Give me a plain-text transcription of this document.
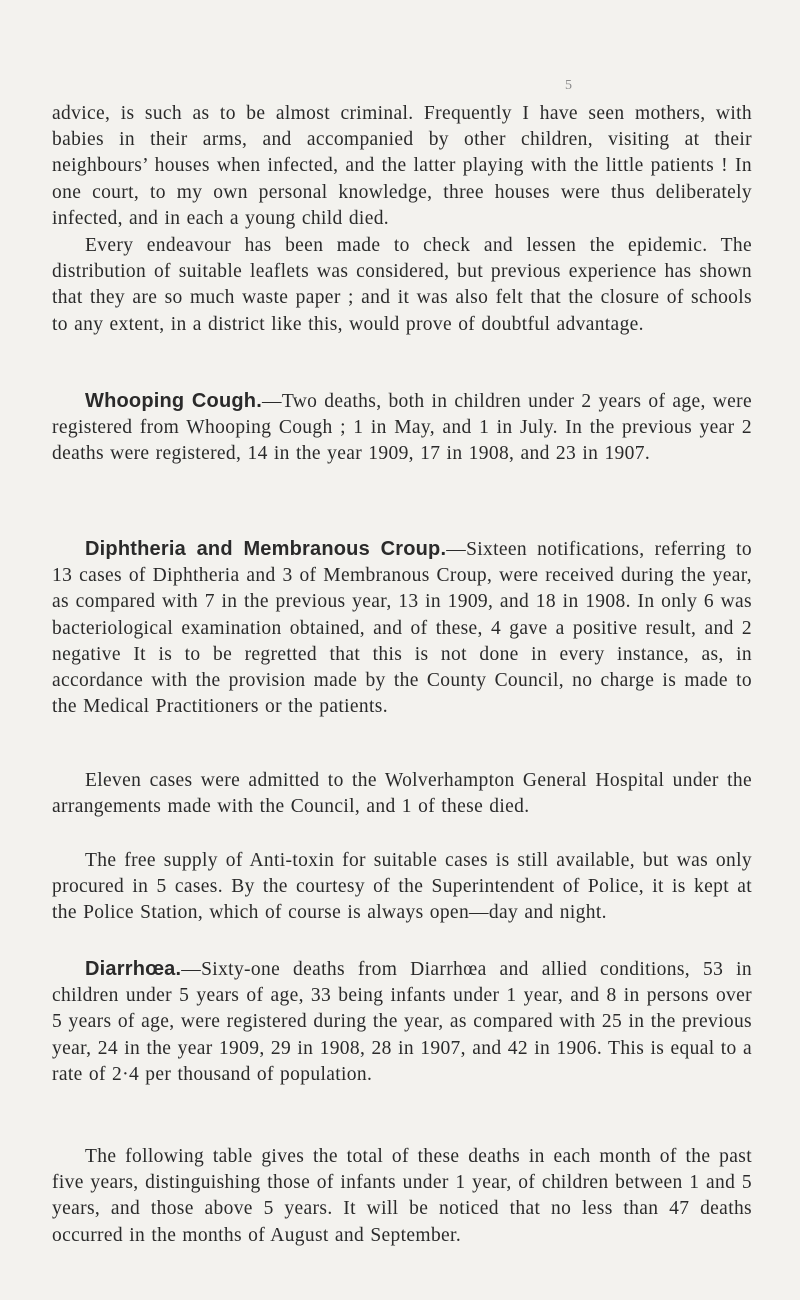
5

advice, is such as to be almost criminal. Frequently I have seen mothers, with babies in their arms, and accompanied by other children, visiting at their neighbours’ houses when infected, and the latter playing with the little patients ! In one court, to my own personal knowledge, three houses were thus deliberately infected, and in each a young child died.

Every endeavour has been made to check and lessen the epidemic. The distribution of suitable leaflets was considered, but previous experience has shown that they are so much waste paper ; and it was also felt that the closure of schools to any extent, in a district like this, would prove of doubtful advantage.

Whooping Cough.—Two deaths, both in children under 2 years of age, were registered from Whooping Cough ; 1 in May, and 1 in July. In the previous year 2 deaths were registered, 14 in the year 1909, 17 in 1908, and 23 in 1907.

Diphtheria and Membranous Croup.—Sixteen notifications, referring to 13 cases of Diphtheria and 3 of Membranous Croup, were received during the year, as compared with 7 in the previous year, 13 in 1909, and 18 in 1908. In only 6 was bacteriological examination obtained, and of these, 4 gave a positive result, and 2 negative It is to be regretted that this is not done in every instance, as, in accordance with the provision made by the County Council, no charge is made to the Medical Practitioners or the patients.

Eleven cases were admitted to the Wolverhampton General Hospital under the arrangements made with the Council, and 1 of these died.

The free supply of Anti-toxin for suitable cases is still available, but was only procured in 5 cases. By the courtesy of the Superintendent of Police, it is kept at the Police Station, which of course is always open—day and night.

Diarrhœa.—Sixty-one deaths from Diarrhœa and allied conditions, 53 in children under 5 years of age, 33 being infants under 1 year, and 8 in persons over 5 years of age, were registered during the year, as compared with 25 in the previous year, 24 in the year 1909, 29 in 1908, 28 in 1907, and 42 in 1906. This is equal to a rate of 2·4 per thousand of population.

The following table gives the total of these deaths in each month of the past five years, distinguishing those of infants under 1 year, of children between 1 and 5 years, and those above 5 years. It will be noticed that no less than 47 deaths occurred in the months of August and September.
